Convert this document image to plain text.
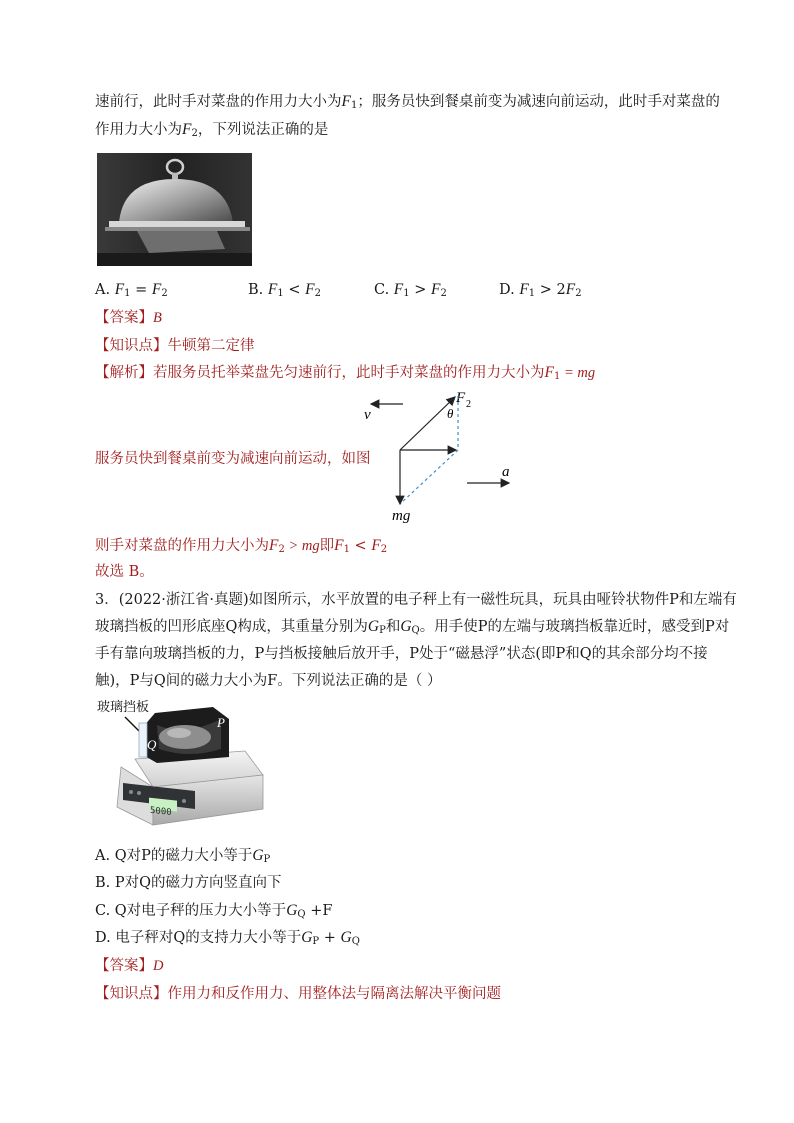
速前行，此时手对菜盘的作用力大小为$F_1$；服务员快到餐桌前变为减速向前运动，此时手对菜盘的
作用力大小为$F_2$，下列说法正确的是
A. $F_1 = F_2$	B. $F_1 < F_2$	C. $F_1 > F_2$	D. $F_1 > 2F_2$
【答案】B
【知识点】牛顿第二定律
【解析】若服务员托举菜盘先匀速前行，此时手对菜盘的作用力大小为$F_1$ = mg
服务员快到餐桌前变为减速向前运动，如图
v
F 2
θ
mg
a
则手对菜盘的作用力大小为$F_2$ > mg即$F_1 < F_2$
故选 B。
3．(2022·浙江省·真题)如图所示，水平放置的电子秤上有一磁性玩具，玩具由哑铃状物件P和左端有
玻璃挡板的凹形底座Q构成，其重量分别为$G_P$和$G_Q$。用手使P的左端与玻璃挡板靠近时，感受到P对
手有靠向玻璃挡板的力，P与挡板接触后放开手，P处于“磁悬浮”状态(即P和Q的其余部分均不接
触)，P与Q间的磁力大小为F。下列说法正确的是（ ）
玻璃挡板
5000
P
Q
A. Q对P的磁力大小等于$G_P$
B. P对Q的磁力方向竖直向下
C. Q对电子秤的压力大小等于$G_Q +F$
D. 电子秤对Q的支持力大小等于$G_P + G_Q$
【答案】D
【知识点】作用力和反作用力、用整体法与隔离法解决平衡问题
